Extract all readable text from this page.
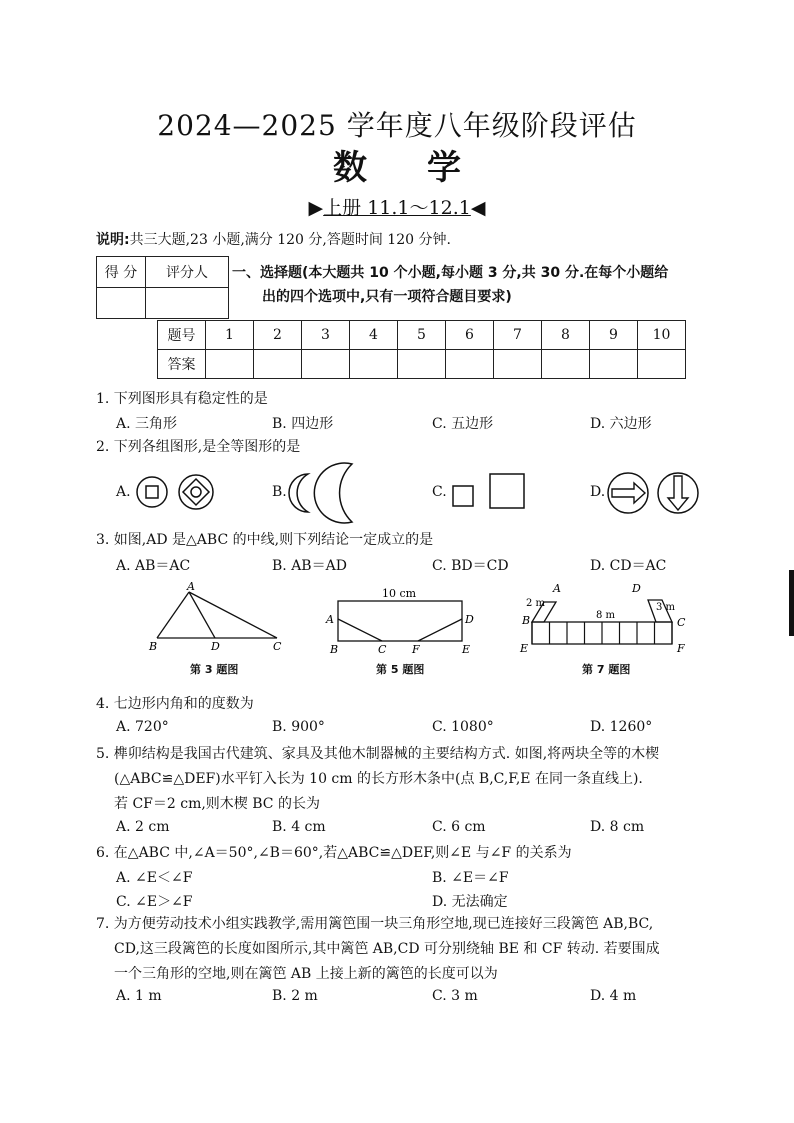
2024—2025 学年度八年级阶段评估
数学
▶上册 11.1～12.1◀
说明:共三大题,23 小题,满分 120 分,答题时间 120 分钟.
得 分	评分人
	一、选择题(本大题共 10 个小题,每小题 3 分,共 30 分.在每个小题给
出的四个选项中,只有一项符合题目要求)
题号	1	2	3	4	5	6	7	8	9	10
答案										
1. 下列图形具有稳定性的是
A. 三角形	B. 四边形	C. 五边形	D. 六边形
2. 下列各组图形,是全等图形的是
A.	B.	C.	D.
3. 如图,AD 是△ABC 的中线,则下列结论一定成立的是
A. AB＝AC	B. AB＝AD	C. BD＝CD	D. CD＝AC
A
B	D	C
第 3 题图
10 cm
A	D
B	C F	E
第 5 题图
2 m
A
8 m
D
3 m
B	C
E	F
第 7 题图
4. 七边形内角和的度数为
A. 720°	B. 900°	C. 1080°	D. 1260°
5. 榫卯结构是我国古代建筑、家具及其他木制器械的主要结构方式. 如图,将两块全等的木楔
(△ABC≌△DEF)水平钉入长为 10 cm 的长方形木条中(点 B,C,F,E 在同一条直线上).
若 CF＝2 cm,则木楔 BC 的长为
A. 2 cm	B. 4 cm	C. 6 cm	D. 8 cm
6. 在△ABC 中,∠A＝50°,∠B＝60°,若△ABC≌△DEF,则∠E 与∠F 的关系为
A. ∠E＜∠F	B. ∠E＝∠F
C. ∠E＞∠F	D. 无法确定
7. 为方便劳动技术小组实践教学,需用篱笆围一块三角形空地,现已连接好三段篱笆 AB,BC,
CD,这三段篱笆的长度如图所示,其中篱笆 AB,CD 可分别绕轴 BE 和 CF 转动. 若要围成
一个三角形的空地,则在篱笆 AB 上接上新的篱笆的长度可以为
A. 1 m	B. 2 m	C. 3 m	D. 4 m
